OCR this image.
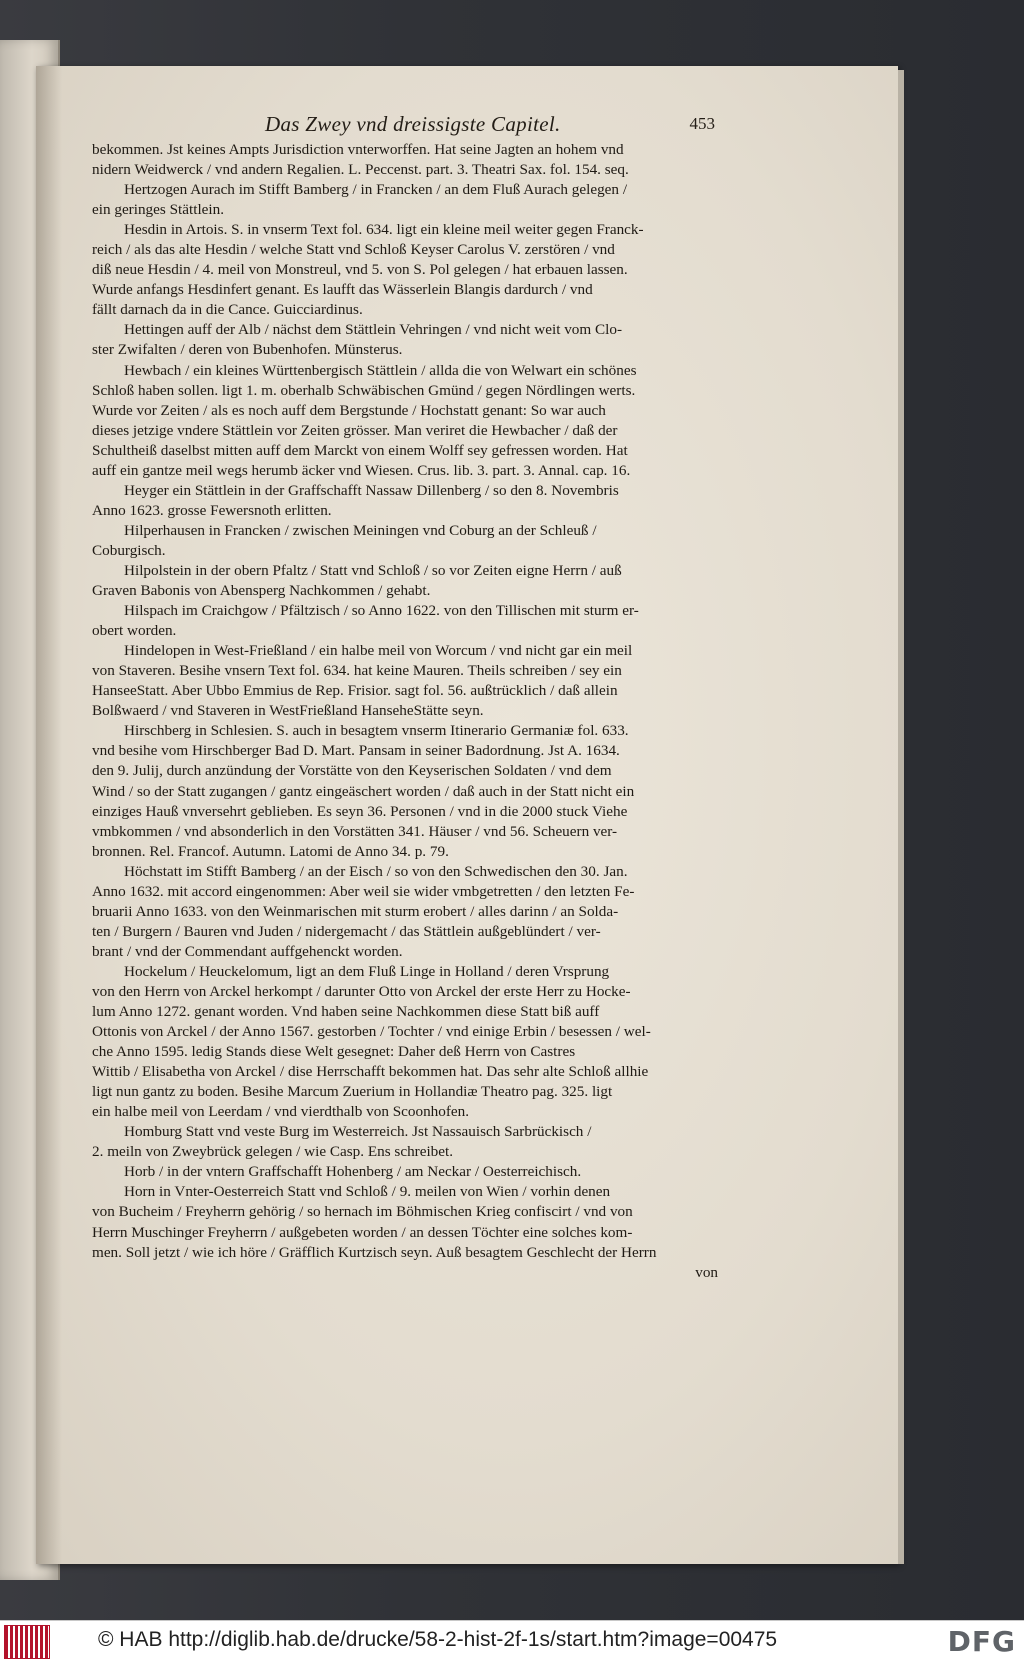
Das Zwey vnd dreissigste Capitel.	453
bekommen. Jst keines Ampts Jurisdiction vnterworffen. Hat seine Jagten an hohem vnd
nidern Weidwerck / vnd andern Regalien. L. Peccenst. part. 3. Theatri Sax. fol. 154. seq.
Hertzogen Aurach im Stifft Bamberg / in Francken / an dem Fluß Aurach gelegen /
ein geringes Stättlein.
Hesdin in Artois. S. in vnserm Text fol. 634. ligt ein kleine meil weiter gegen Franck-
reich / als das alte Hesdin / welche Statt vnd Schloß Keyser Carolus V. zerstören / vnd
diß neue Hesdin / 4. meil von Monstreul, vnd 5. von S. Pol gelegen / hat erbauen lassen.
Wurde anfangs Hesdinfert genant. Es laufft das Wässerlein Blangis dardurch / vnd
fällt darnach da in die Cance. Guicciardinus.
Hettingen auff der Alb / nächst dem Stättlein Vehringen / vnd nicht weit vom Clo-
ster Zwifalten / deren von Bubenhofen. Münsterus.
Hewbach / ein kleines Württenbergisch Stättlein / allda die von Welwart ein schönes
Schloß haben sollen. ligt 1. m. oberhalb Schwäbischen Gmünd / gegen Nördlingen werts.
Wurde vor Zeiten / als es noch auff dem Bergstunde / Hochstatt genant: So war auch
dieses jetzige vndere Stättlein vor Zeiten grösser. Man veriret die Hewbacher / daß der
Schultheiß daselbst mitten auff dem Marckt von einem Wolff sey gefressen worden. Hat
auff ein gantze meil wegs herumb äcker vnd Wiesen. Crus. lib. 3. part. 3. Annal. cap. 16.
Heyger ein Stättlein in der Graffschafft Nassaw Dillenberg / so den 8. Novembris
Anno 1623. grosse Fewersnoth erlitten.
Hilperhausen in Francken / zwischen Meiningen vnd Coburg an der Schleuß /
Coburgisch.
Hilpolstein in der obern Pfaltz / Statt vnd Schloß / so vor Zeiten eigne Herrn / auß
Graven Babonis von Abensperg Nachkommen / gehabt.
Hilspach im Craichgow / Pfältzisch / so Anno 1622. von den Tillischen mit sturm er-
obert worden.
Hindelopen in West-Frießland / ein halbe meil von Worcum / vnd nicht gar ein meil
von Staveren. Besihe vnsern Text fol. 634. hat keine Mauren. Theils schreiben / sey ein
HanseeStatt. Aber Ubbo Emmius de Rep. Frisior. sagt fol. 56. außtrücklich / daß allein
Bolßwaerd / vnd Staveren in WestFrießland HanseheStätte seyn.
Hirschberg in Schlesien. S. auch in besagtem vnserm Itinerario Germaniæ fol. 633.
vnd besihe vom Hirschberger Bad D. Mart. Pansam in seiner Badordnung. Jst A. 1634.
den 9. Julij, durch anzündung der Vorstätte von den Keyserischen Soldaten / vnd dem
Wind / so der Statt zugangen / gantz eingeäschert worden / daß auch in der Statt nicht ein
einziges Hauß vnversehrt geblieben. Es seyn 36. Personen / vnd in die 2000 stuck Viehe
vmbkommen / vnd absonderlich in den Vorstätten 341. Häuser / vnd 56. Scheuern ver-
bronnen. Rel. Francof. Autumn. Latomi de Anno 34. p. 79.
Höchstatt im Stifft Bamberg / an der Eisch / so von den Schwedischen den 30. Jan.
Anno 1632. mit accord eingenommen: Aber weil sie wider vmbgetretten / den letzten Fe-
bruarii Anno 1633. von den Weinmarischen mit sturm erobert / alles darinn / an Solda-
ten / Burgern / Bauren vnd Juden / nidergemacht / das Stättlein außgeblündert / ver-
brant / vnd der Commendant auffgehenckt worden.
Hockelum / Heuckelomum, ligt an dem Fluß Linge in Holland / deren Vrsprung
von den Herrn von Arckel herkompt / darunter Otto von Arckel der erste Herr zu Hocke-
lum Anno 1272. genant worden. Vnd haben seine Nachkommen diese Statt biß auff
Ottonis von Arckel / der Anno 1567. gestorben / Tochter / vnd einige Erbin / besessen / wel-
che Anno 1595. ledig Stands diese Welt gesegnet: Daher deß Herrn von Castres
Wittib / Elisabetha von Arckel / dise Herrschafft bekommen hat. Das sehr alte Schloß allhie
ligt nun gantz zu boden. Besihe Marcum Zuerium in Hollandiæ Theatro pag. 325. ligt
ein halbe meil von Leerdam / vnd vierdthalb von Scoonhofen.
Homburg Statt vnd veste Burg im Westerreich. Jst Nassauisch Sarbrückisch /
2. meiln von Zweybrück gelegen / wie Casp. Ens schreibet.
Horb / in der vntern Graffschafft Hohenberg / am Neckar / Oesterreichisch.
Horn in Vnter-Oesterreich Statt vnd Schloß / 9. meilen von Wien / vorhin denen
von Bucheim / Freyherrn gehörig / so hernach im Böhmischen Krieg confiscirt / vnd von
Herrn Muschinger Freyherrn / außgebeten worden / an dessen Töchter eine solches kom-
men. Soll jetzt / wie ich höre / Gräfflich Kurtzisch seyn. Auß besagtem Geschlecht der Herrn
von
© HAB http://diglib.hab.de/drucke/58-2-hist-2f-1s/start.htm?image=00475	DFG
